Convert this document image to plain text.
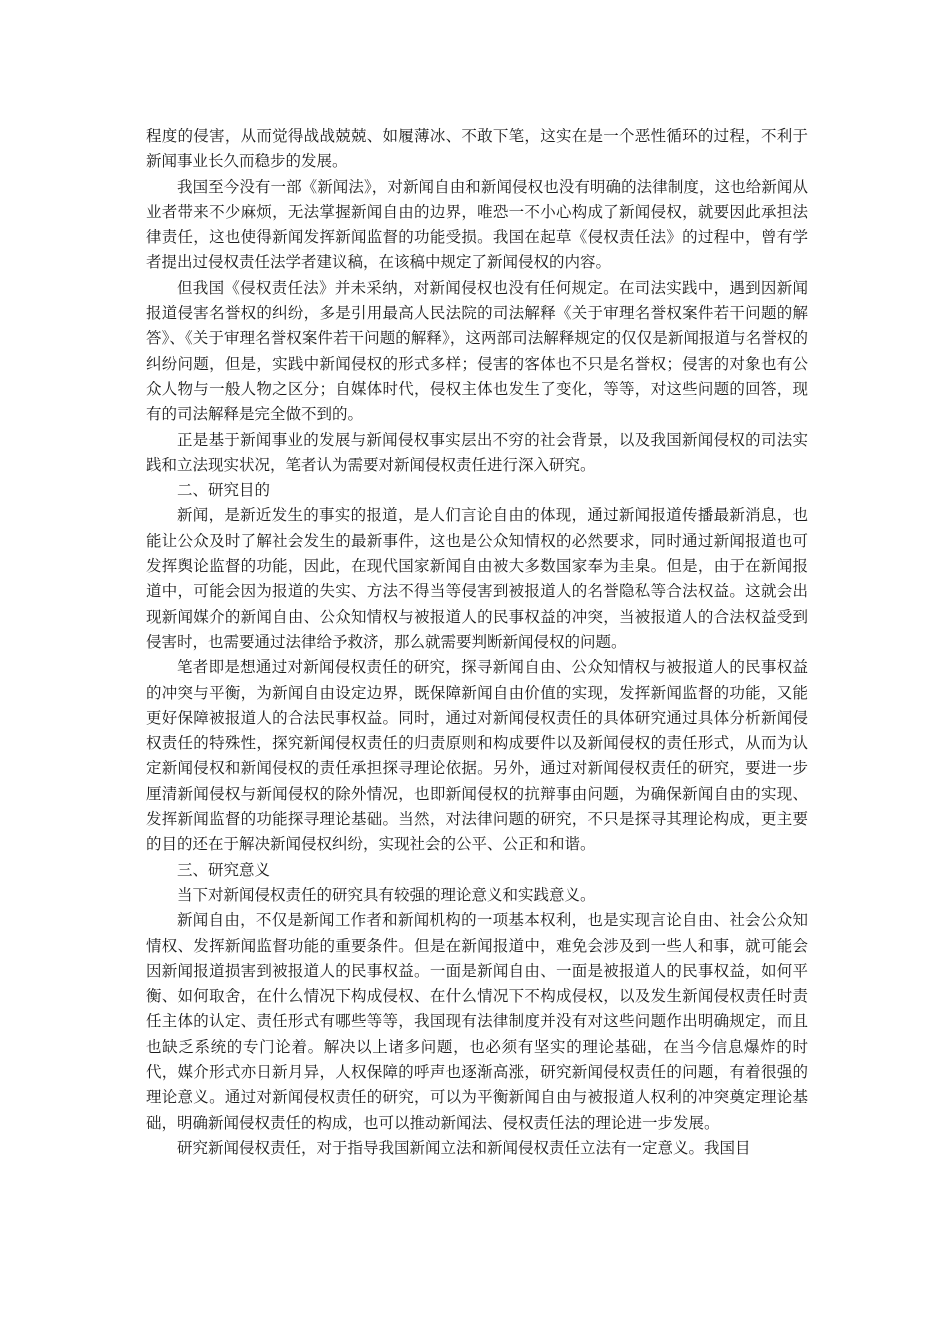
程度的侵害，从而觉得战战兢兢、如履薄冰、不敢下笔，这实在是一个恶性循环的过程，不利于新闻事业长久而稳步的发展。

我国至今没有一部《新闻法》，对新闻自由和新闻侵权也没有明确的法律制度，这也给新闻从业者带来不少麻烦，无法掌握新闻自由的边界，唯恐一不小心构成了新闻侵权，就要因此承担法律责任，这也使得新闻发挥新闻监督的功能受损。我国在起草《侵权责任法》的过程中，曾有学者提出过侵权责任法学者建议稿，在该稿中规定了新闻侵权的内容。

但我国《侵权责任法》并未采纳，对新闻侵权也没有任何规定。在司法实践中，遇到因新闻报道侵害名誉权的纠纷，多是引用最高人民法院的司法解释《关于审理名誉权案件若干问题的解答》、《关于审理名誉权案件若干问题的解释》，这两部司法解释规定的仅仅是新闻报道与名誉权的纠纷问题，但是，实践中新闻侵权的形式多样；侵害的客体也不只是名誉权；侵害的对象也有公众人物与一般人物之区分；自媒体时代，侵权主体也发生了变化，等等，对这些问题的回答，现有的司法解释是完全做不到的。

正是基于新闻事业的发展与新闻侵权事实层出不穷的社会背景，以及我国新闻侵权的司法实践和立法现实状况，笔者认为需要对新闻侵权责任进行深入研究。

二、研究目的

新闻，是新近发生的事实的报道，是人们言论自由的体现，通过新闻报道传播最新消息，也能让公众及时了解社会发生的最新事件，这也是公众知情权的必然要求，同时通过新闻报道也可发挥舆论监督的功能，因此，在现代国家新闻自由被大多数国家奉为圭臬。但是，由于在新闻报道中，可能会因为报道的失实、方法不得当等侵害到被报道人的名誉隐私等合法权益。这就会出现新闻媒介的新闻自由、公众知情权与被报道人的民事权益的冲突，当被报道人的合法权益受到侵害时，也需要通过法律给予救济，那么就需要判断新闻侵权的问题。

笔者即是想通过对新闻侵权责任的研究，探寻新闻自由、公众知情权与被报道人的民事权益的冲突与平衡，为新闻自由设定边界，既保障新闻自由价值的实现，发挥新闻监督的功能，又能更好保障被报道人的合法民事权益。同时，通过对新闻侵权责任的具体研究通过具体分析新闻侵权责任的特殊性，探究新闻侵权责任的归责原则和构成要件以及新闻侵权的责任形式，从而为认定新闻侵权和新闻侵权的责任承担探寻理论依据。另外，通过对新闻侵权责任的研究，要进一步厘清新闻侵权与新闻侵权的除外情况，也即新闻侵权的抗辩事由问题，为确保新闻自由的实现、发挥新闻监督的功能探寻理论基础。当然，对法律问题的研究，不只是探寻其理论构成，更主要的目的还在于解决新闻侵权纠纷，实现社会的公平、公正和和谐。

三、研究意义

当下对新闻侵权责任的研究具有较强的理论意义和实践意义。

新闻自由，不仅是新闻工作者和新闻机构的一项基本权利，也是实现言论自由、社会公众知情权、发挥新闻监督功能的重要条件。但是在新闻报道中，难免会涉及到一些人和事，就可能会因新闻报道损害到被报道人的民事权益。一面是新闻自由、一面是被报道人的民事权益，如何平衡、如何取舍，在什么情况下构成侵权、在什么情况下不构成侵权，以及发生新闻侵权责任时责任主体的认定、责任形式有哪些等等，我国现有法律制度并没有对这些问题作出明确规定，而且也缺乏系统的专门论着。解决以上诸多问题，也必须有坚实的理论基础，在当今信息爆炸的时代，媒介形式亦日新月异，人权保障的呼声也逐渐高涨，研究新闻侵权责任的问题，有着很强的理论意义。通过对新闻侵权责任的研究，可以为平衡新闻自由与被报道人权利的冲突奠定理论基础，明确新闻侵权责任的构成，也可以推动新闻法、侵权责任法的理论进一步发展。

研究新闻侵权责任，对于指导我国新闻立法和新闻侵权责任立法有一定意义。我国目
